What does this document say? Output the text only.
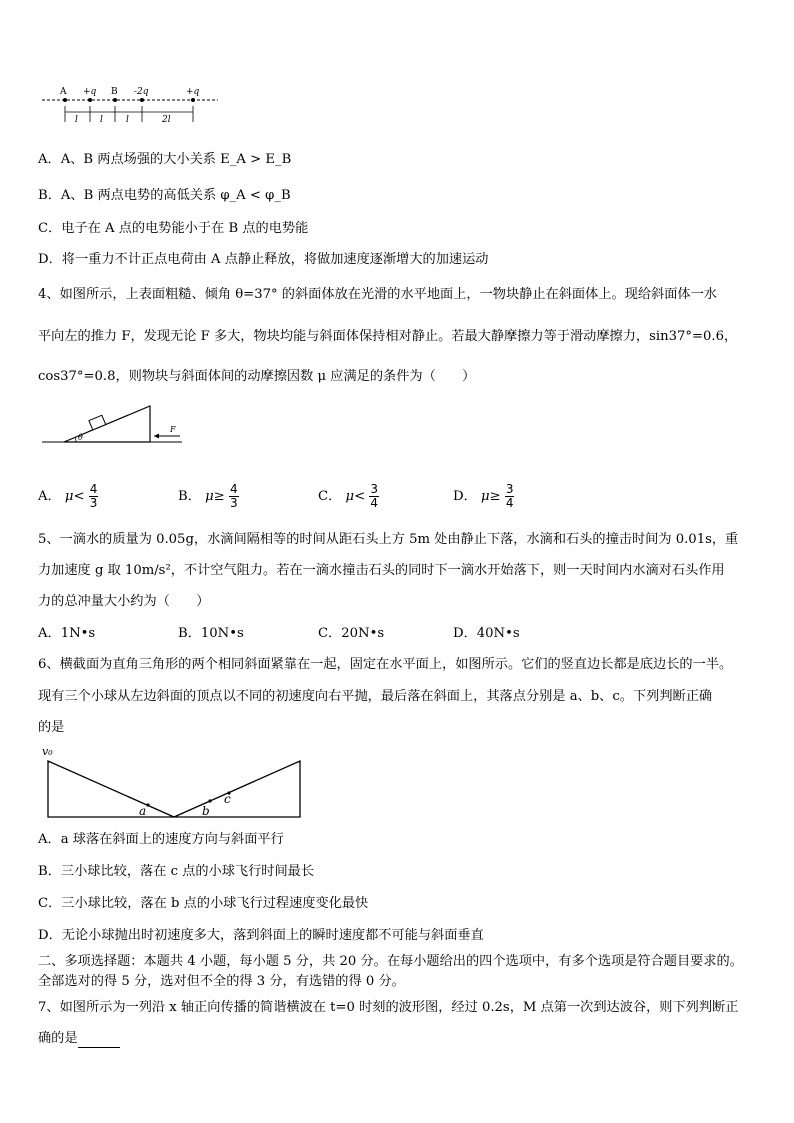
A +q B -2q	+q
l l	l	2l
A．A、B 两点场强的大小关系 E_A > E_B
B．A、B 两点电势的高低关系 φ_A < φ_B
C．电子在 A 点的电势能小于在 B 点的电势能
D．将一重力不计正点电荷由 A 点静止释放，将做加速度逐渐增大的加速运动
4、如图所示，上表面粗糙、倾角 θ=37° 的斜面体放在光滑的水平地面上，一物块静止在斜面体上。现给斜面体一水
平向左的推力 F，发现无论 F 多大，物块均能与斜面体保持相对静止。若最大静摩擦力等于滑动摩擦力，sin37°=0.6，
cos37°=0.8，则物块与斜面体间的动摩擦因数 μ 应满足的条件为（　　）
θ
F
A． $\mu< \frac{4}{3}$	B． $\mu\ge \frac{4}{3}$	C． $\mu< \frac{3}{4}$	D． $\mu\ge \frac{3}{4}$
5、一滴水的质量为 0.05g，水滴间隔相等的时间从距石头上方 5m 处由静止下落，水滴和石头的撞击时间为 0.01s，重
力加速度 g 取 10m/s²，不计空气阻力。若在一滴水撞击石头的同时下一滴水开始落下，则一天时间内水滴对石头作用
力的总冲量大小约为（　　）
A．1N•s	B．10N•s	C．20N•s	D．40N•s
6、横截面为直角三角形的两个相同斜面紧靠在一起，固定在水平面上，如图所示。它们的竖直边长都是底边长的一半。
现有三个小球从左边斜面的顶点以不同的初速度向右平抛，最后落在斜面上，其落点分别是 a、b、c。下列判断正确
的是
v₀
a	b
c
A．a 球落在斜面上的速度方向与斜面平行
B．三小球比较，落在 c 点的小球飞行时间最长
C．三小球比较，落在 b 点的小球飞行过程速度变化最快
D．无论小球抛出时初速度多大，落到斜面上的瞬时速度都不可能与斜面垂直
二、多项选择题：本题共 4 小题，每小题 5 分，共 20 分。在每小题给出的四个选项中，有多个选项是符合题目要求的。
全部选对的得 5 分，选对但不全的得 3 分，有选错的得 0 分。
7、如图所示为一列沿 x 轴正向传播的简谐横波在 t=0 时刻的波形图，经过 0.2s，M 点第一次到达波谷，则下列判断正
确的是
